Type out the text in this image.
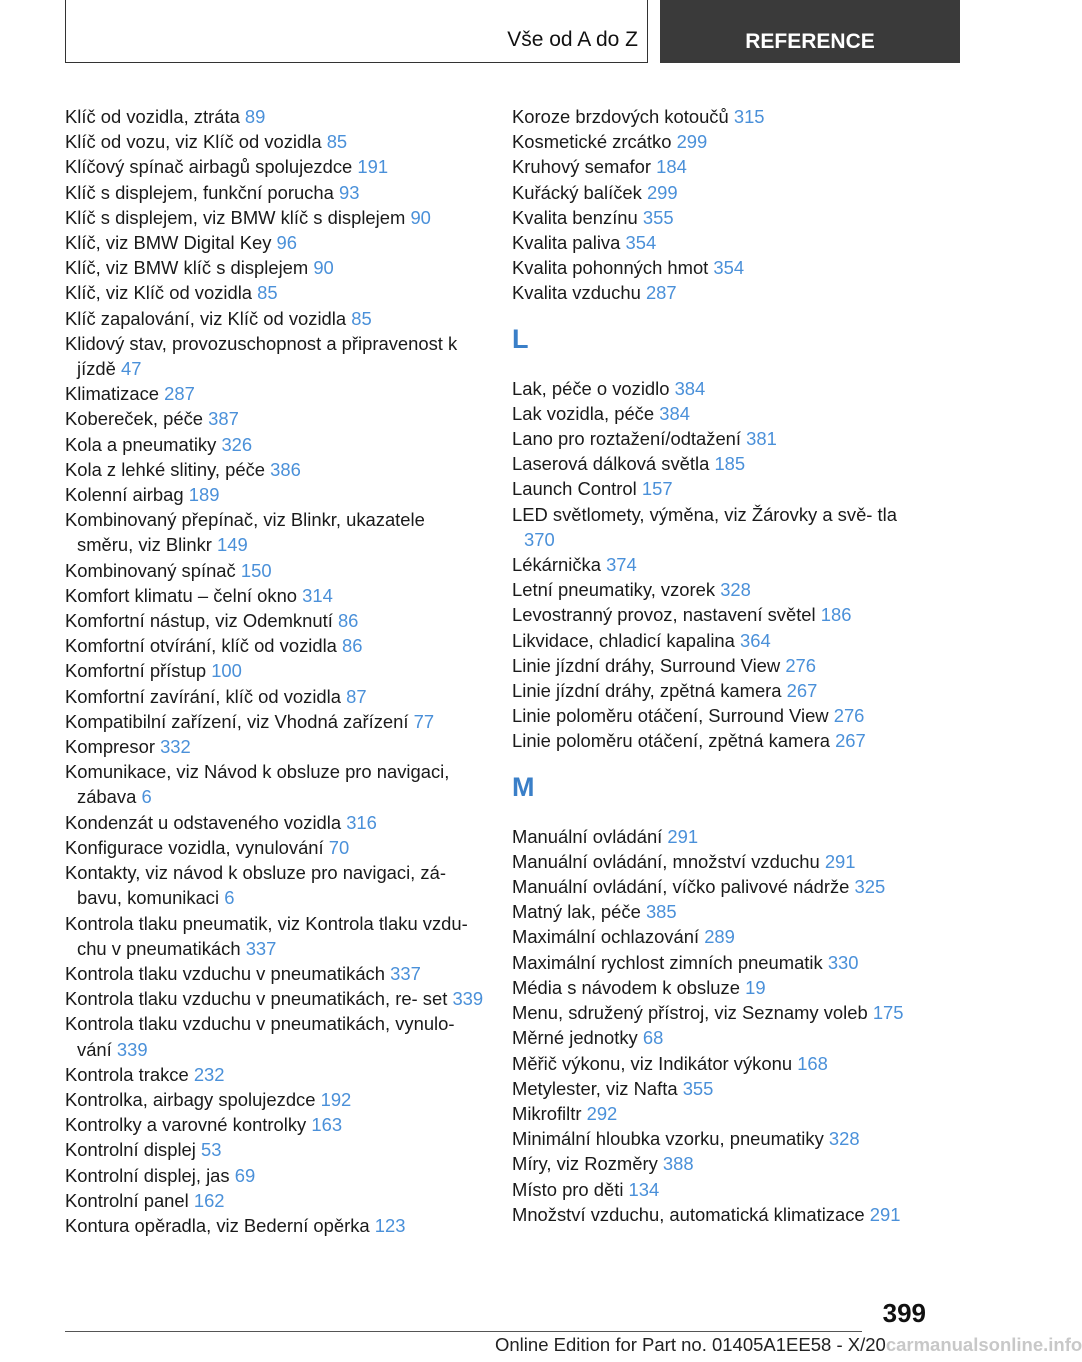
Vše od A do Z	REFERENCE
Klíč od vozidla, ztráta 89
Klíč od vozu, viz Klíč od vozidla 85
Klíčový spínač airbagů spolujezdce 191
Klíč s displejem, funkční porucha 93
Klíč s displejem, viz BMW klíč s displejem 90
Klíč, viz BMW Digital Key 96
Klíč, viz BMW klíč s displejem 90
Klíč, viz Klíč od vozidla 85
Klíč zapalování, viz Klíč od vozidla 85
Klidový stav, provozuschopnost a připravenost k jízdě 47
Klimatizace 287
Kobereček, péče 387
Kola a pneumatiky 326
Kola z lehké slitiny, péče 386
Kolenní airbag 189
Kombinovaný přepínač, viz Blinkr, ukazatele směru, viz Blinkr 149
Kombinovaný spínač 150
Komfort klimatu – čelní okno 314
Komfortní nástup, viz Odemknutí 86
Komfortní otvírání, klíč od vozidla 86
Komfortní přístup 100
Komfortní zavírání, klíč od vozidla 87
Kompatibilní zařízení, viz Vhodná zařízení 77
Kompresor 332
Komunikace, viz Návod k obsluze pro navigaci, zábava 6
Kondenzát u odstaveného vozidla 316
Konfigurace vozidla, vynulování 70
Kontakty, viz návod k obsluze pro navigaci, zá- bavu, komunikaci 6
Kontrola tlaku pneumatik, viz Kontrola tlaku vzdu- chu v pneumatikách 337
Kontrola tlaku vzduchu v pneumatikách 337
Kontrola tlaku vzduchu v pneumatikách, re- set 339
Kontrola tlaku vzduchu v pneumatikách, vynulo- vání 339
Kontrola trakce 232
Kontrolka, airbagy spolujezdce 192
Kontrolky a varovné kontrolky 163
Kontrolní displej 53
Kontrolní displej, jas 69
Kontrolní panel 162
Kontura opěradla, viz Bederní opěrka 123
Koroze brzdových kotoučů 315
Kosmetické zrcátko 299
Kruhový semafor 184
Kuřácký balíček 299
Kvalita benzínu 355
Kvalita paliva 354
Kvalita pohonných hmot 354
Kvalita vzduchu 287
L
Lak, péče o vozidlo 384
Lak vozidla, péče 384
Lano pro roztažení/odtažení 381
Laserová dálková světla 185
Launch Control 157
LED světlomety, výměna, viz Žárovky a svě- tla 370
Lékárnička 374
Letní pneumatiky, vzorek 328
Levostranný provoz, nastavení světel 186
Likvidace, chladicí kapalina 364
Linie jízdní dráhy, Surround View 276
Linie jízdní dráhy, zpětná kamera 267
Linie poloměru otáčení, Surround View 276
Linie poloměru otáčení, zpětná kamera 267
M
Manuální ovládání 291
Manuální ovládání, množství vzduchu 291
Manuální ovládání, víčko palivové nádrže 325
Matný lak, péče 385
Maximální ochlazování 289
Maximální rychlost zimních pneumatik 330
Média s návodem k obsluze 19
Menu, sdružený přístroj, viz Seznamy voleb 175
Měrné jednotky 68
Měřič výkonu, viz Indikátor výkonu 168
Metylester, viz Nafta 355
Mikrofiltr 292
Minimální hloubka vzorku, pneumatiky 328
Míry, viz Rozměry 388
Místo pro děti 134
Množství vzduchu, automatická klimatizace 291
399
Online Edition for Part no. 01405A1EE58 - X/20carmanualsonline.info
